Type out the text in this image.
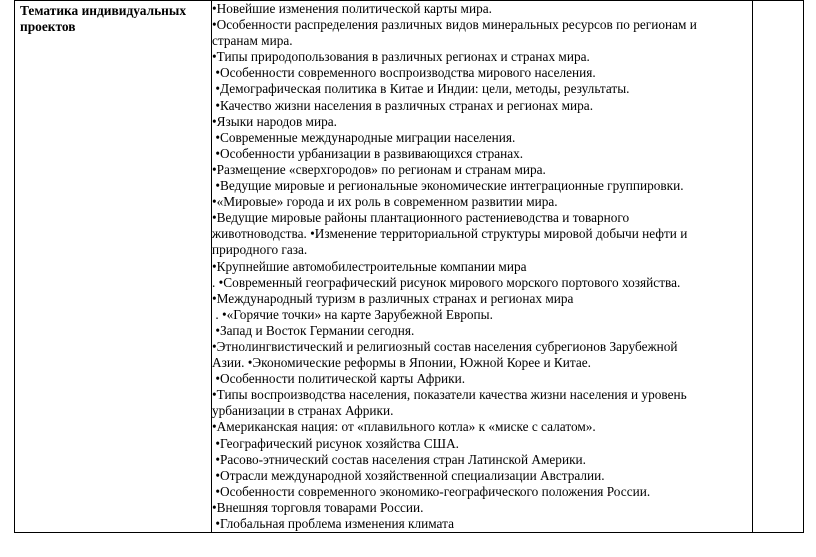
Тематика индивидуальных проектов

•Новейшие изменения политической карты мира.
•Особенности распределения различных видов минеральных ресурсов по регионам и
странам мира.
•Типы природопользования в различных регионах и странах мира.
•Особенности современного воспроизводства мирового населения.
•Демографическая политика в Китае и Индии: цели, методы, результаты.
•Качество жизни населения в различных странах и регионах мира.
•Языки народов мира.
•Современные международные миграции населения.
•Особенности урбанизации в развивающихся странах.
•Размещение «сверхгородов» по регионам и странам мира.
•Ведущие мировые и региональные экономические интеграционные группировки.
•«Мировые» города и их роль в современном развитии мира.
•Ведущие мировые районы плантационного растениеводства и товарного
животноводства. •Изменение территориальной структуры мировой добычи нефти и
природного газа.
•Крупнейшие автомобилестроительные компании мира
. •Современный географический рисунок мирового морского портового хозяйства.
•Международный туризм в различных странах и регионах мира
. •«Горячие точки» на карте Зарубежной Европы.
•Запад и Восток Германии сегодня.
•Этнолингвистический и религиозный состав населения субрегионов Зарубежной
Азии. •Экономические реформы в Японии, Южной Корее и Китае.
•Особенности политической карты Африки.
•Типы воспроизводства населения, показатели качества жизни населения и уровень
урбанизации в странах Африки.
•Американская нация: от «плавильного котла» к «миске с салатом».
•Географический рисунок хозяйства США.
•Расово-этнический состав населения стран Латинской Америки.
•Отрасли международной хозяйственной специализации Австралии.
•Особенности современного экономико-географического положения России.
•Внешняя торговля товарами России.
•Глобальная проблема изменения климата
